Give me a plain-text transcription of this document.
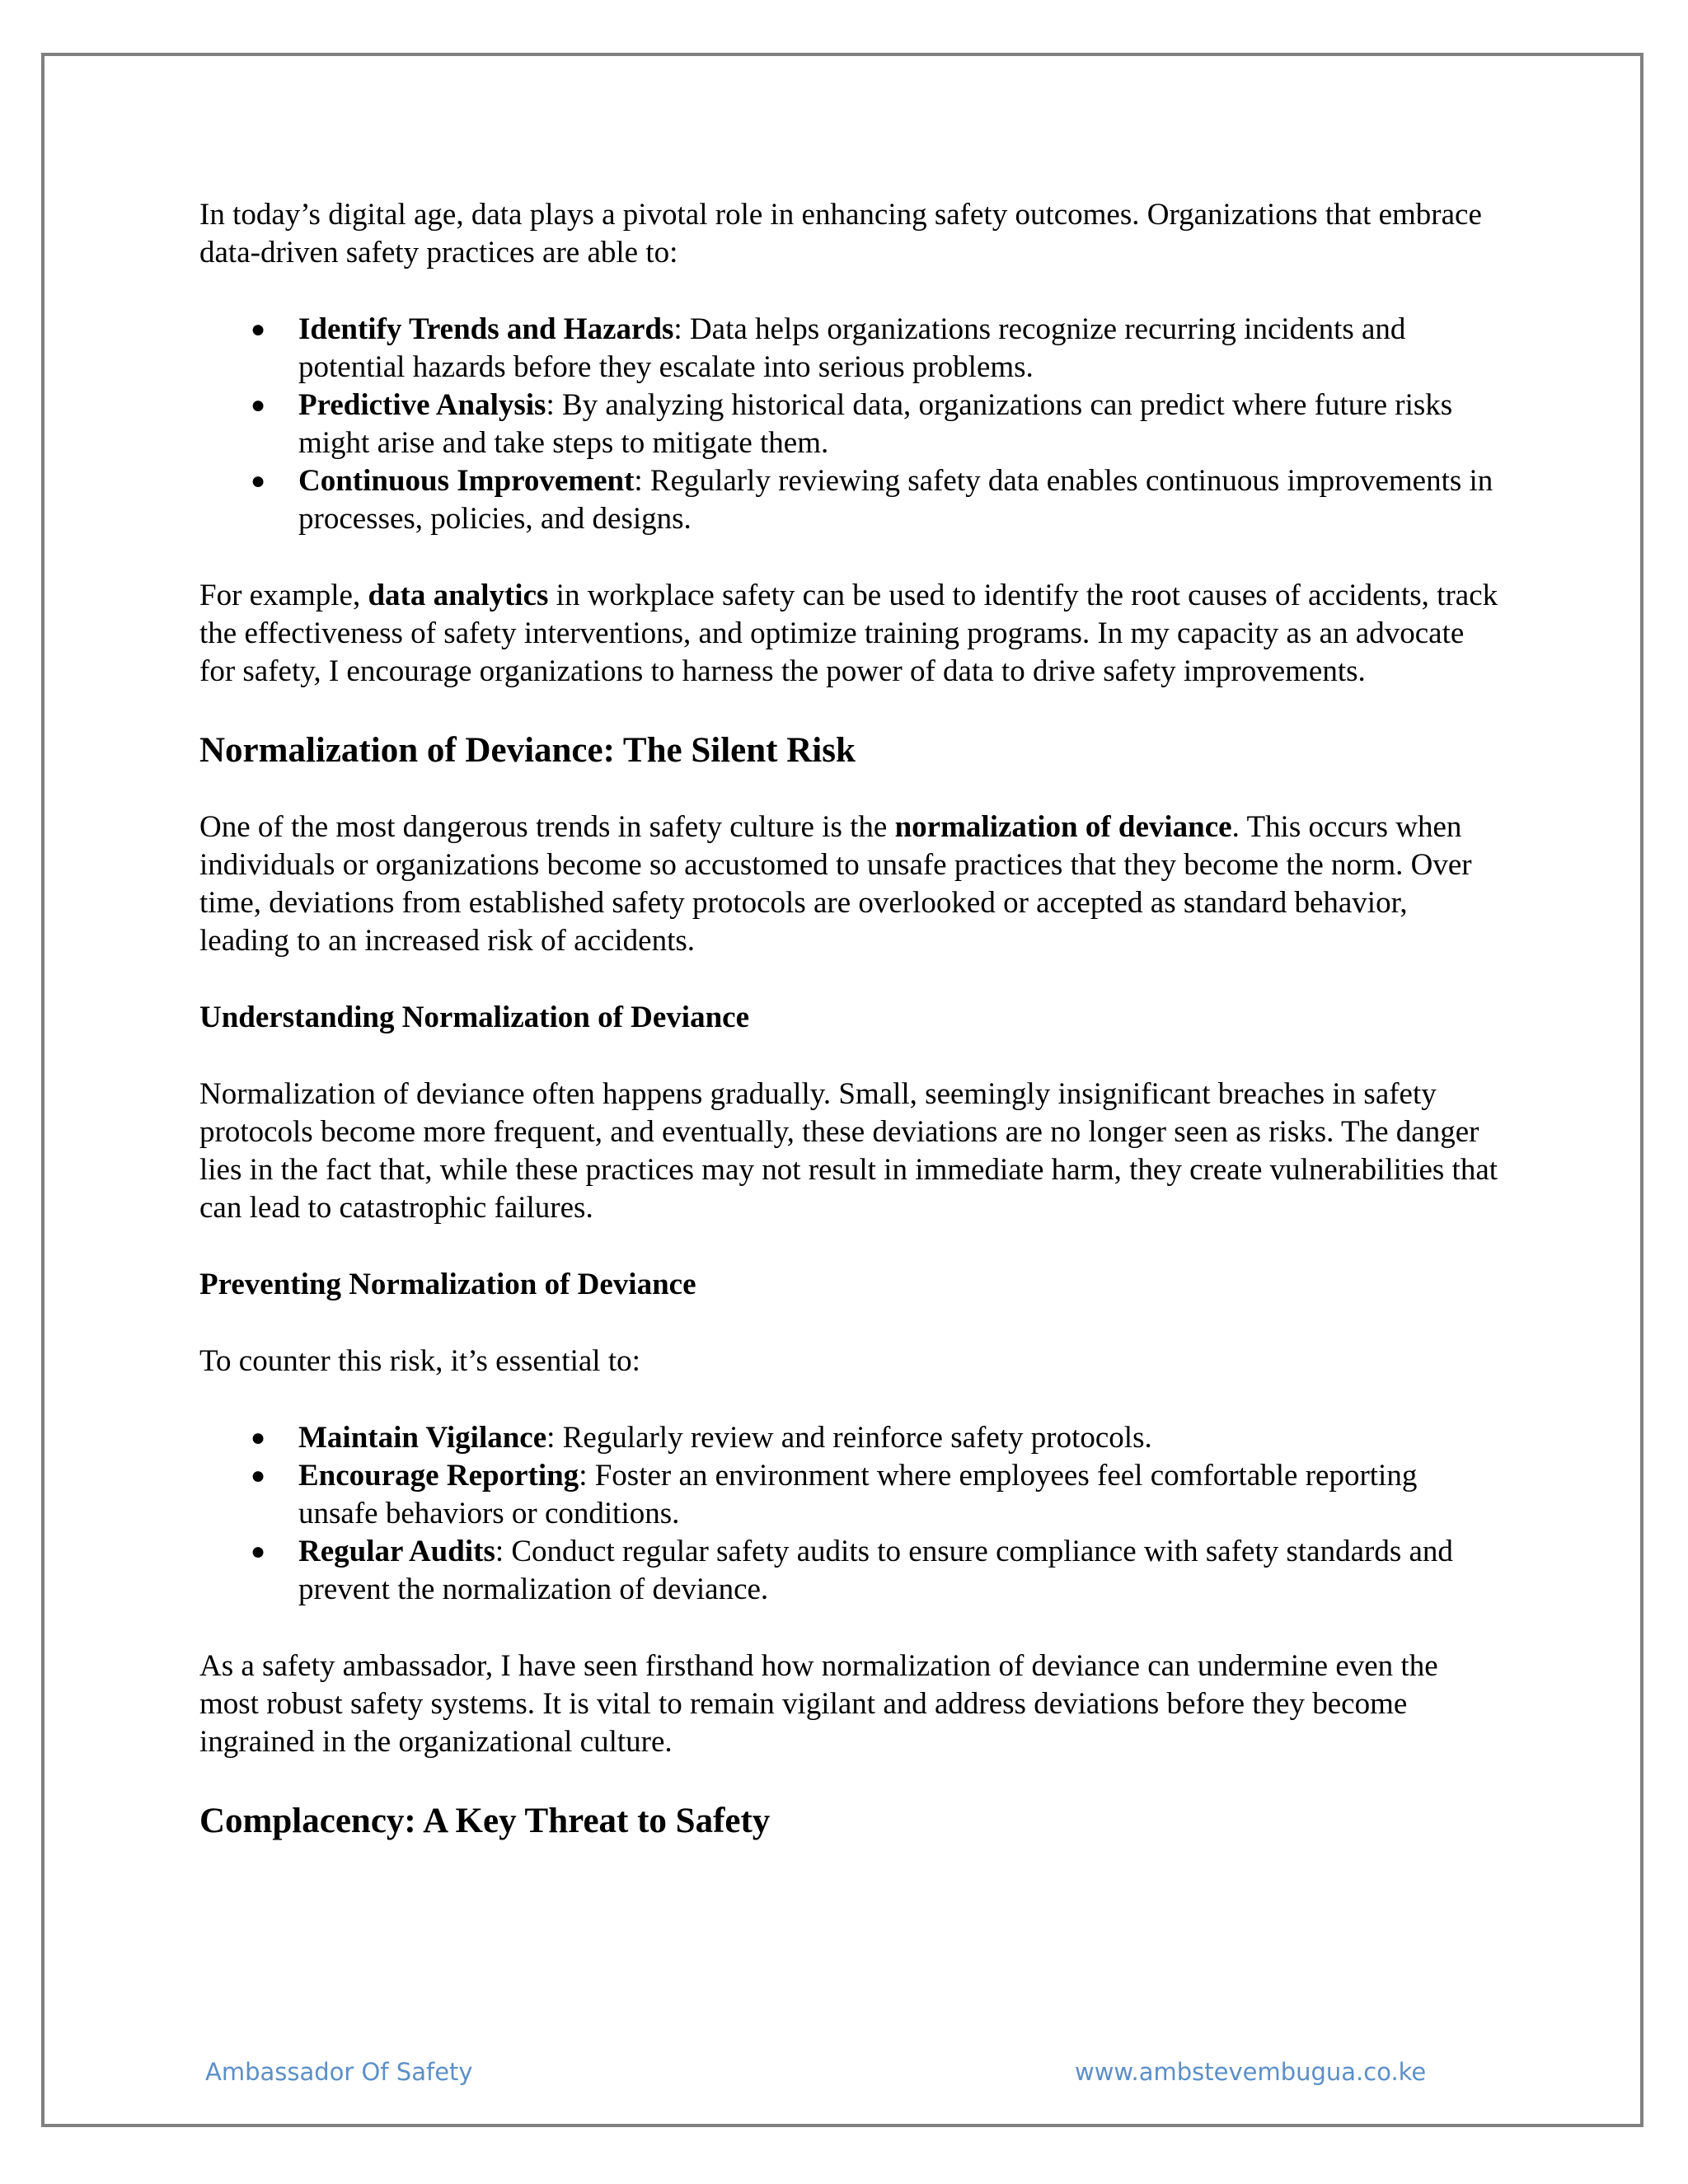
In today’s digital age, data plays a pivotal role in enhancing safety outcomes. Organizations that embrace data-driven safety practices are able to:

● Identify Trends and Hazards: Data helps organizations recognize recurring incidents and potential hazards before they escalate into serious problems.
● Predictive Analysis: By analyzing historical data, organizations can predict where future risks might arise and take steps to mitigate them.
● Continuous Improvement: Regularly reviewing safety data enables continuous improvements in processes, policies, and designs.

For example, data analytics in workplace safety can be used to identify the root causes of accidents, track the effectiveness of safety interventions, and optimize training programs. In my capacity as an advocate for safety, I encourage organizations to harness the power of data to drive safety improvements.

Normalization of Deviance: The Silent Risk

One of the most dangerous trends in safety culture is the normalization of deviance. This occurs when individuals or organizations become so accustomed to unsafe practices that they become the norm. Over time, deviations from established safety protocols are overlooked or accepted as standard behavior, leading to an increased risk of accidents.

Understanding Normalization of Deviance

Normalization of deviance often happens gradually. Small, seemingly insignificant breaches in safety protocols become more frequent, and eventually, these deviations are no longer seen as risks. The danger lies in the fact that, while these practices may not result in immediate harm, they create vulnerabilities that can lead to catastrophic failures.

Preventing Normalization of Deviance

To counter this risk, it’s essential to:

● Maintain Vigilance: Regularly review and reinforce safety protocols.
● Encourage Reporting: Foster an environment where employees feel comfortable reporting unsafe behaviors or conditions.
● Regular Audits: Conduct regular safety audits to ensure compliance with safety standards and prevent the normalization of deviance.

As a safety ambassador, I have seen firsthand how normalization of deviance can undermine even the most robust safety systems. It is vital to remain vigilant and address deviations before they become ingrained in the organizational culture.

Complacency: A Key Threat to Safety
Ambassador Of Safety	www.ambstevembugua.co.ke
